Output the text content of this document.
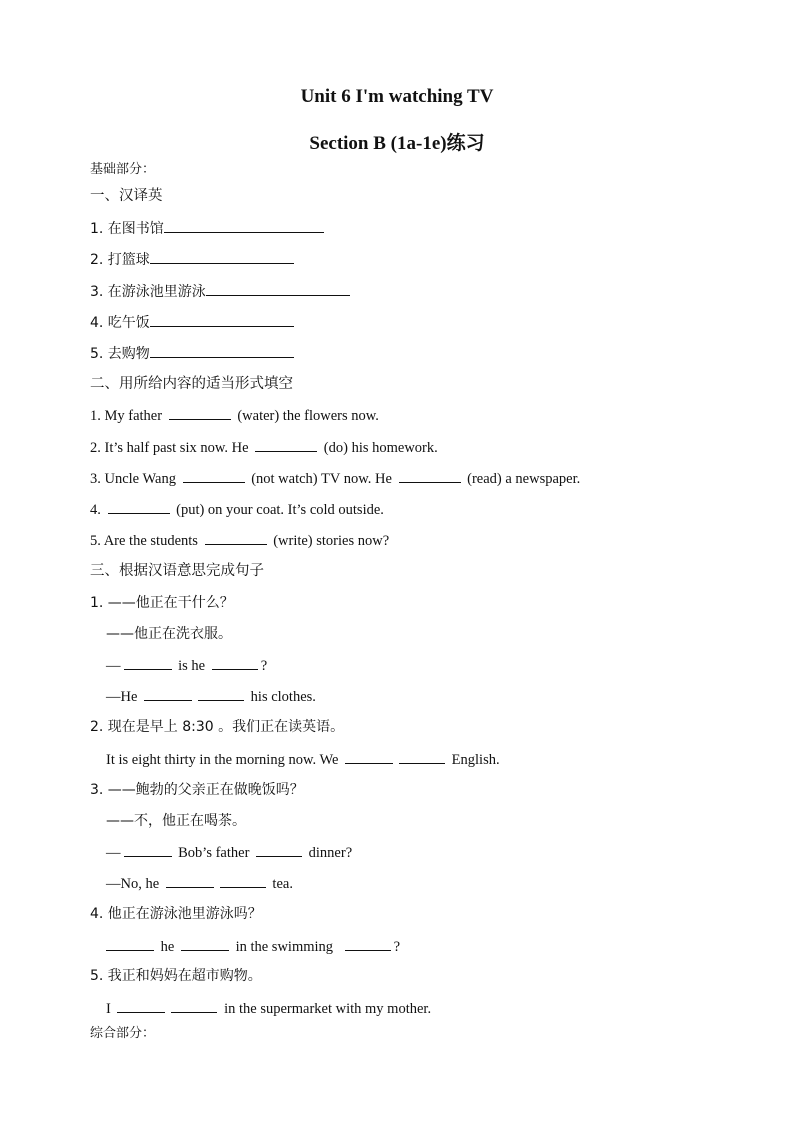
Unit 6 I'm watching TV
Section B (1a-1e)练习

基础部分：

一、汉译英

1. 在图书馆

2. 打篮球

3. 在游泳池里游泳

4. 吃午饭

5. 去购物

二、用所给内容的适当形式填空

1. My father	(water) the flowers now.

2. It’s half past six now. He	(do) his homework.

3. Uncle Wang	(not watch) TV now. He	(read) a newspaper.

4.	(put) on your coat. It’s cold outside.

5. Are the students	(write) stories now?

三、根据汉语意思完成句子

1. ——他正在干什么？

——他正在洗衣服。

—	is he	?

—He	his clothes.

2. 现在是早上 8:30 。我们正在读英语。

It is eight thirty in the morning now. We	English.

3. ——鲍勃的父亲正在做晚饭吗？

——不，他正在喝茶。

—	Bob’s father	dinner?

—No, he	tea.

4. 他正在游泳池里游泳吗？

he	in the swimming	?

5. 我正和妈妈在超市购物。

I	in the supermarket with my mother.

综合部分：
